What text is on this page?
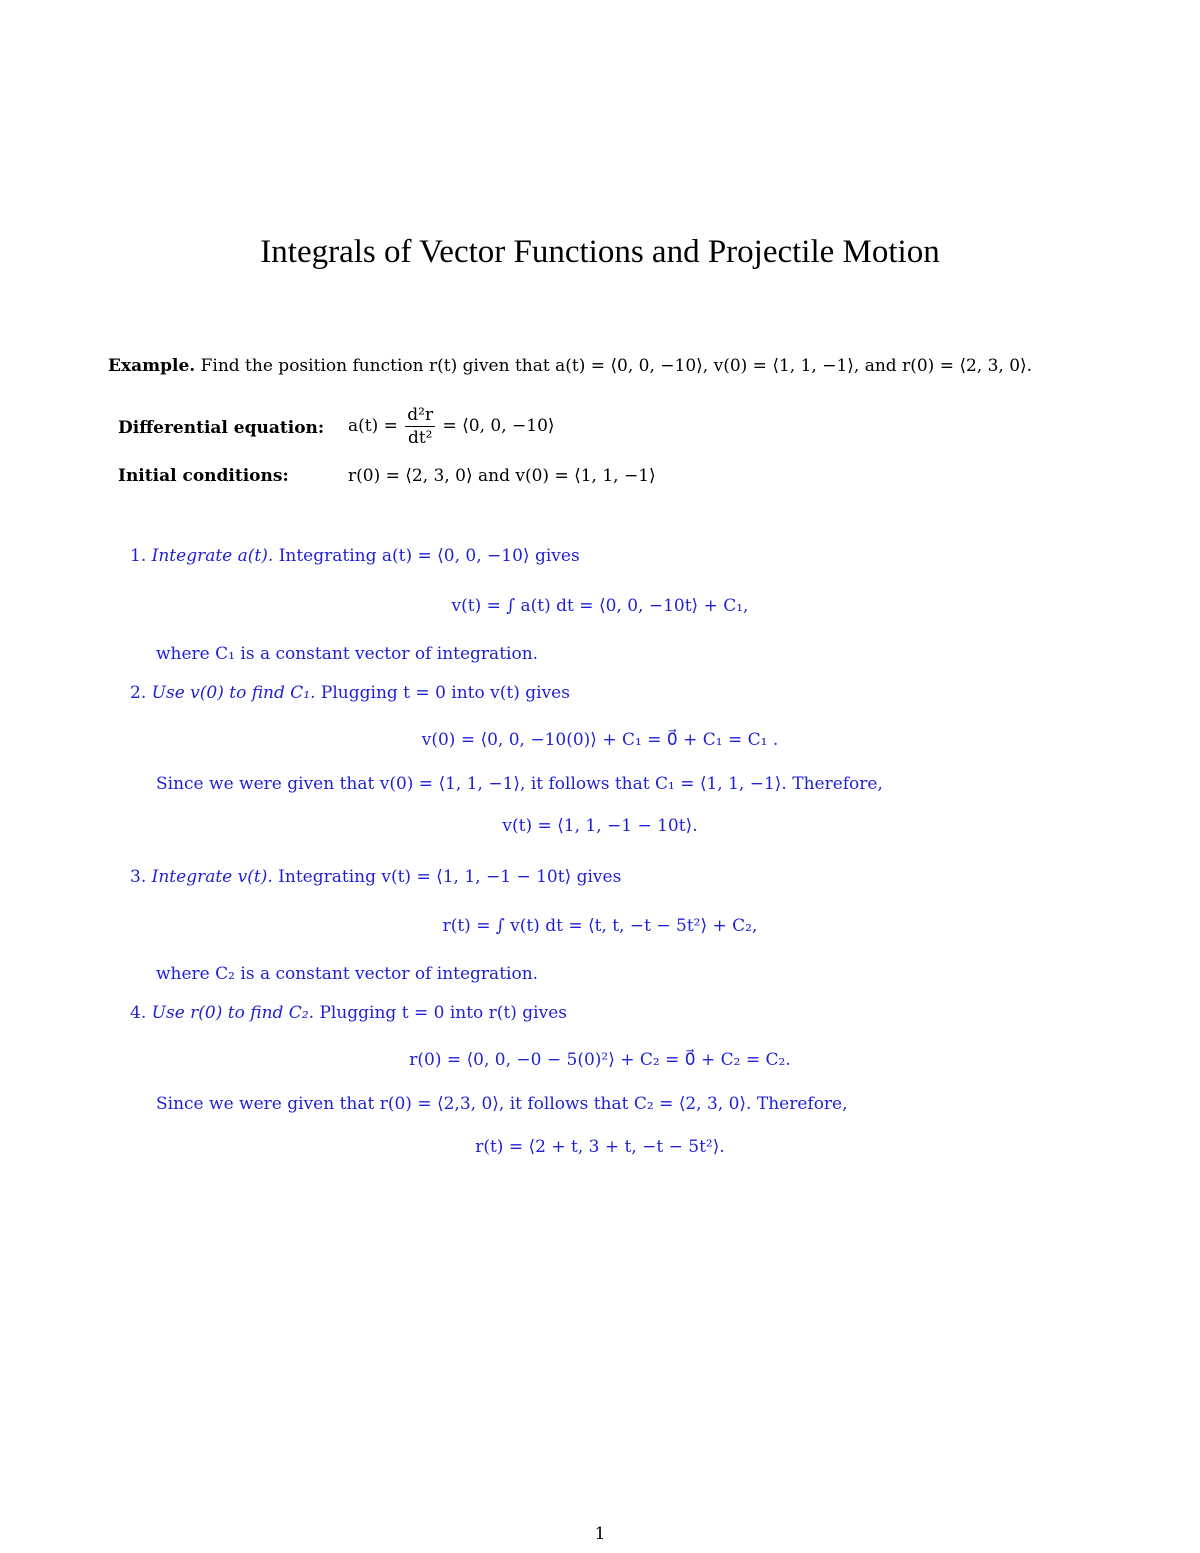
Integrals of Vector Functions and Projectile Motion
Example. Find the position function r(t) given that a(t) = ⟨0, 0, −10⟩, v(0) = ⟨1, 1, −1⟩, and r(0) = ⟨2, 3, 0⟩.
Differential equation: $a(t) = \frac{\text{d²r}}{\text{dt²}}$ = ⟨0, 0, −10⟩
Initial conditions:	r(0) = ⟨2, 3, 0⟩ and v(0) = ⟨1, 1, −1⟩
1. Integrate a(t). Integrating a(t) = ⟨0, 0, −10⟩ gives
v(t) = ∫ a(t) dt = ⟨0, 0, −10t⟩ + C₁,
where C₁ is a constant vector of integration.
2. Use v(0) to find C₁. Plugging t = 0 into v(t) gives
v(0) = ⟨0, 0, −10(0)⟩ + C₁ = 0⃗ + C₁ = C₁ .
Since we were given that v(0) = ⟨1, 1, −1⟩, it follows that C₁ = ⟨1, 1, −1⟩. Therefore,
v(t) = ⟨1, 1, −1 − 10t⟩.
3. Integrate v(t). Integrating v(t) = ⟨1, 1, −1 − 10t⟩ gives
r(t) = ∫ v(t) dt = ⟨t, t, −t − 5t²⟩ + C₂,
where C₂ is a constant vector of integration.
4. Use r(0) to find C₂. Plugging t = 0 into r(t) gives
r(0) = ⟨0, 0, −0 − 5(0)²⟩ + C₂ = 0⃗ + C₂ = C₂.
Since we were given that r(0) = ⟨2,3, 0⟩, it follows that C₂ = ⟨2, 3, 0⟩. Therefore,
r(t) = ⟨2 + t, 3 + t, −t − 5t²⟩.
1
